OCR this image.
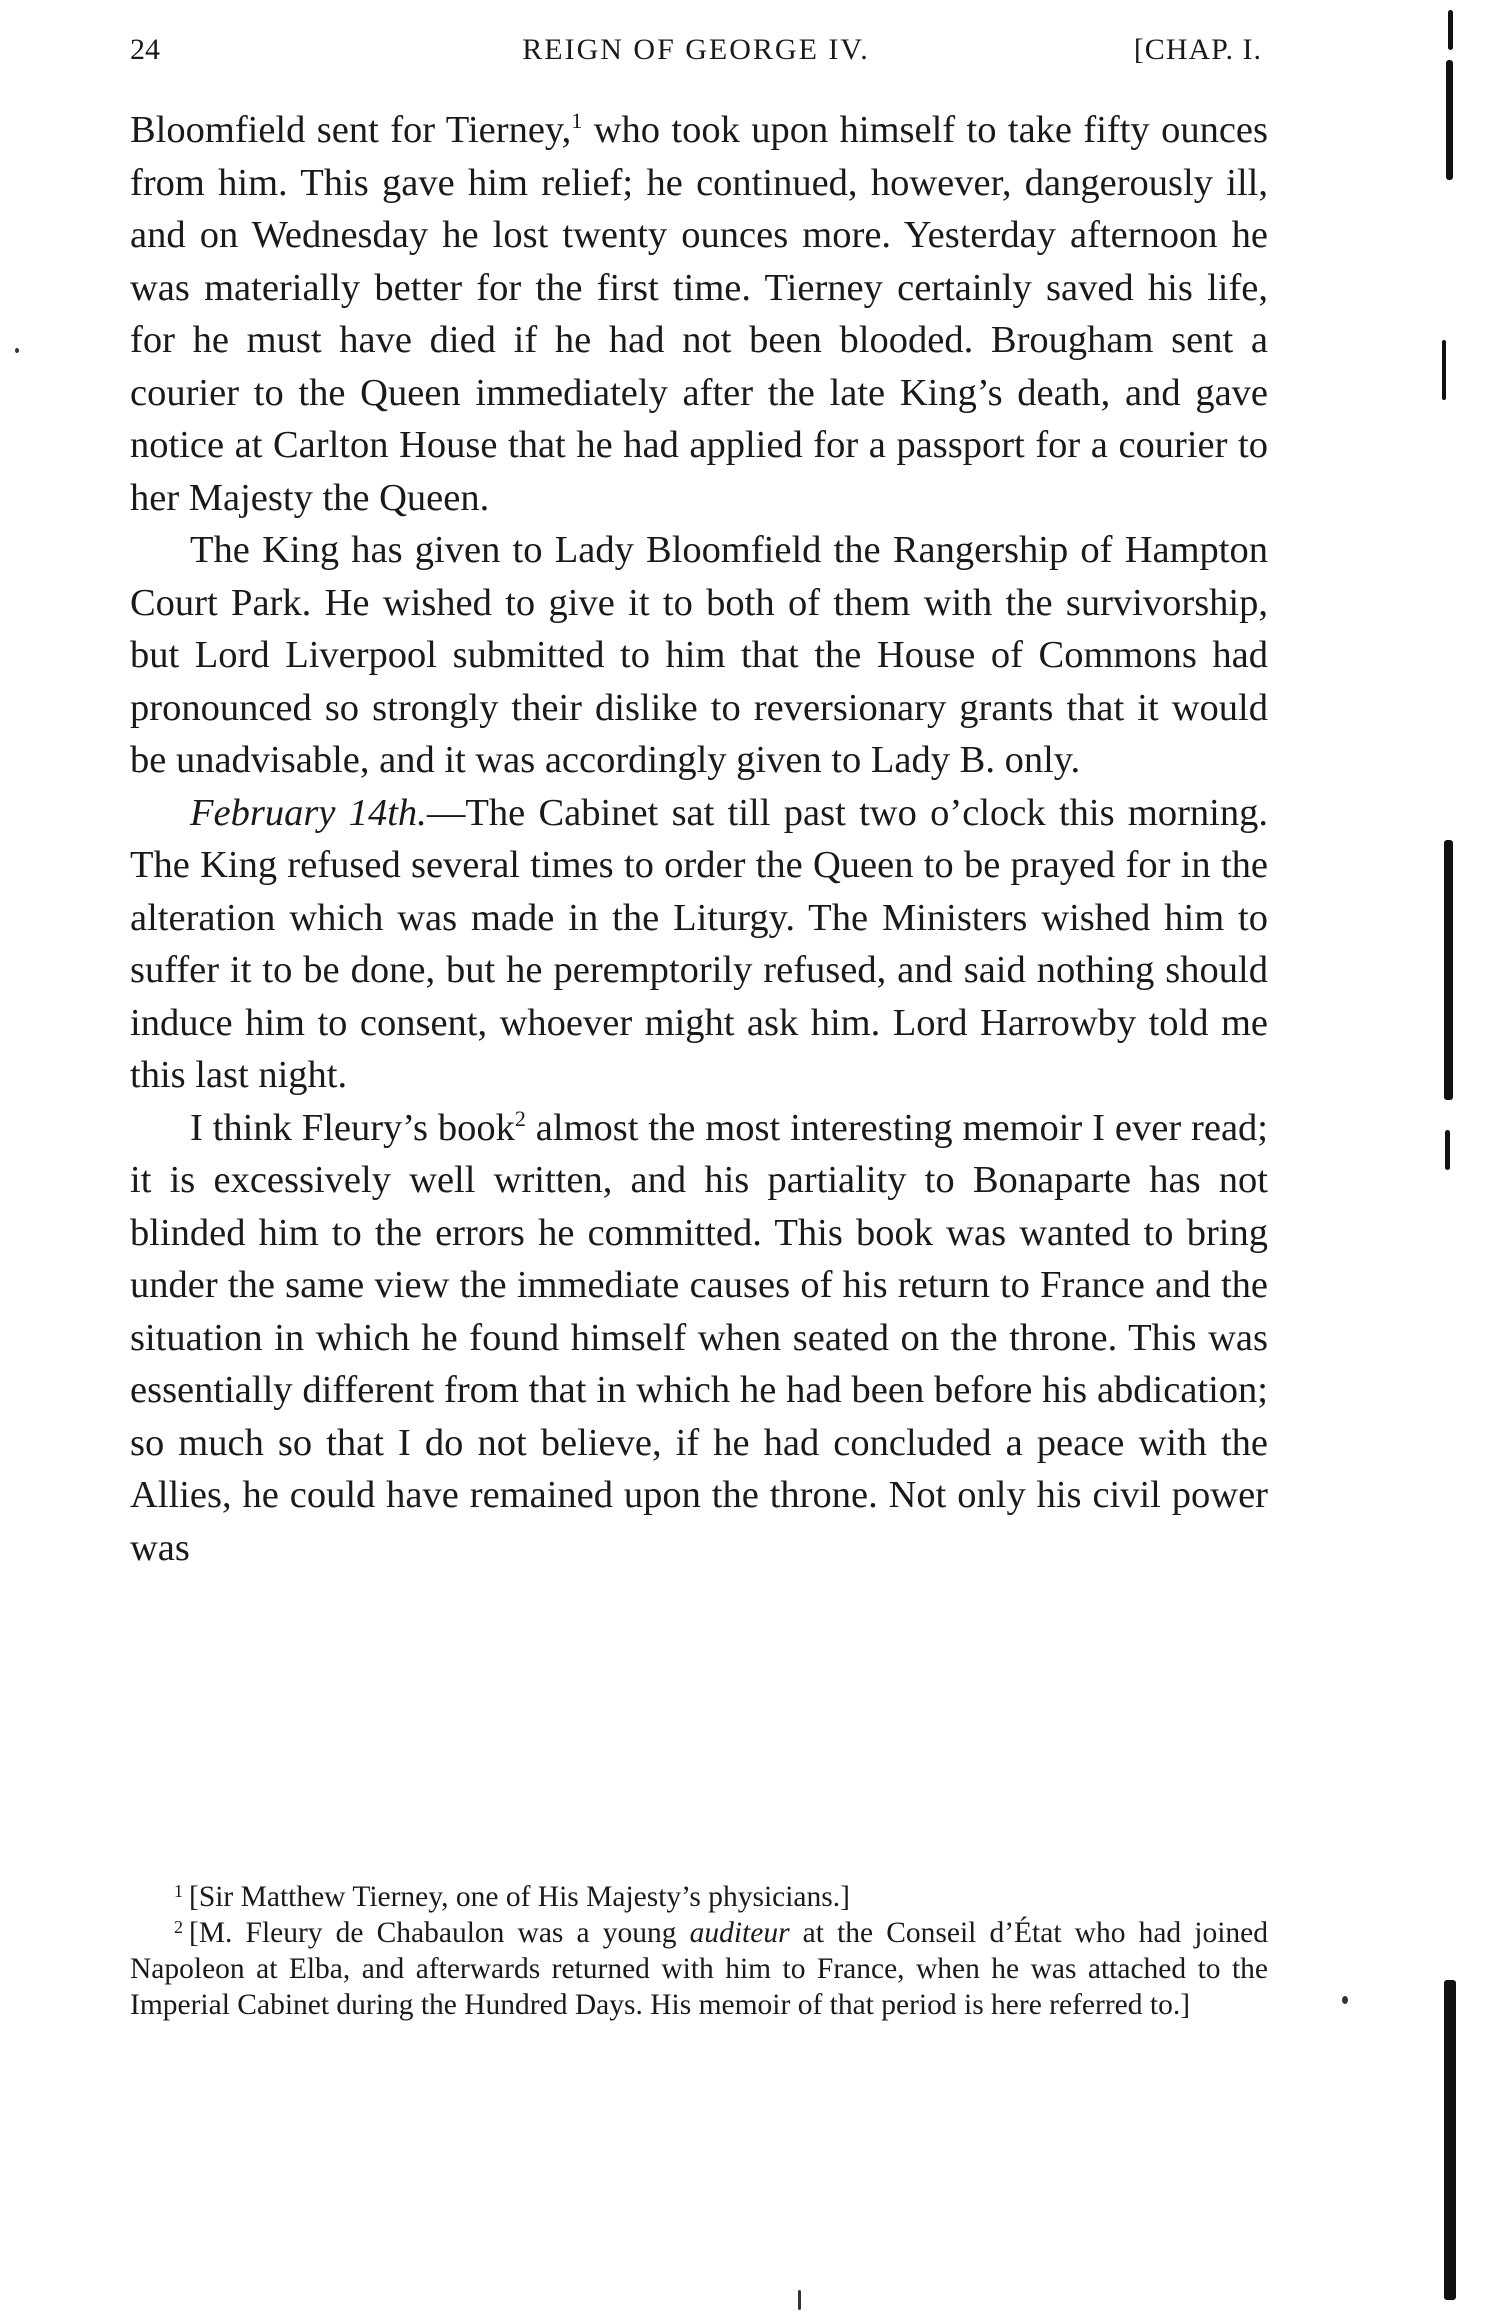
24	REIGN OF GEORGE IV.	[CHAP. I.

Bloomfield sent for Tierney,$^1$ who took upon himself to take fifty ounces from him. This gave him relief; he continued, however, dangerously ill, and on Wednesday he lost twenty ounces more. Yesterday afternoon he was materially better for the first time. Tierney certainly saved his life, for he must have died if he had not been blooded. Brougham sent a courier to the Queen immediately after the late King’s death, and gave notice at Carlton House that he had applied for a passport for a courier to her Majesty the Queen.

The King has given to Lady Bloomfield the Rangership of Hampton Court Park. He wished to give it to both of them with the survivorship, but Lord Liverpool submitted to him that the House of Commons had pronounced so strongly their dislike to reversionary grants that it would be unadvisable, and it was accordingly given to Lady B. only.

February 14th.—The Cabinet sat till past two o’clock this morning. The King refused several times to order the Queen to be prayed for in the alteration which was made in the Liturgy. The Ministers wished him to suffer it to be done, but he peremptorily refused, and said nothing should induce him to consent, whoever might ask him. Lord Harrowby told me this last night.

I think Fleury’s book$^2$ almost the most interesting memoir I ever read; it is excessively well written, and his partiality to Bonaparte has not blinded him to the errors he committed. This book was wanted to bring under the same view the immediate causes of his return to France and the situation in which he found himself when seated on the throne. This was essentially different from that in which he had been before his abdication; so much so that I do not believe, if he had concluded a peace with the Allies, he could have remained upon the throne. Not only his civil power was

$^1$ [Sir Matthew Tierney, one of His Majesty’s physicians.]

$^2$ [M. Fleury de Chabaulon was a young auditeur at the Conseil d’État who had joined Napoleon at Elba, and afterwards returned with him to France, when he was attached to the Imperial Cabinet during the Hundred Days. His memoir of that period is here referred to.]
